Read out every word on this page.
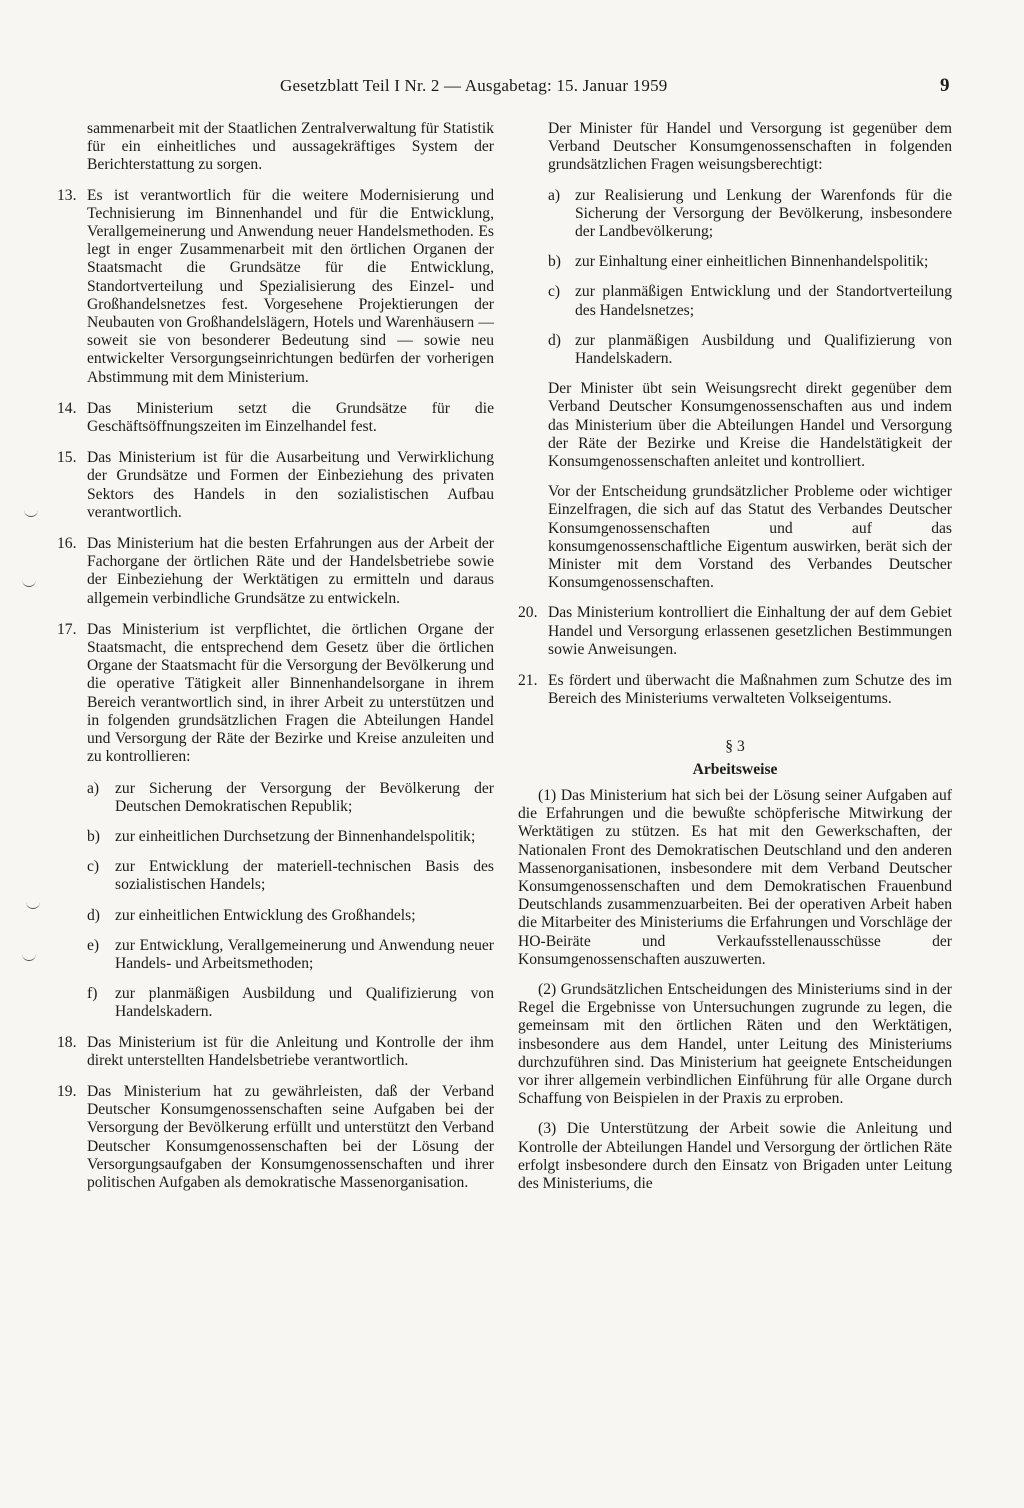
Gesetzblatt Teil I Nr. 2 — Ausgabetag: 15. Januar 1959	9

sammenarbeit mit der Staatlichen Zentralverwaltung für Statistik für ein einheitliches und aussagekräftiges System der Berichterstattung zu sorgen.

13. Es ist verantwortlich für die weitere Modernisierung und Technisierung im Binnenhandel und für die Entwicklung, Verallgemeinerung und Anwendung neuer Handelsmethoden. Es legt in enger Zusammenarbeit mit den örtlichen Organen der Staatsmacht die Grundsätze für die Entwicklung, Standortverteilung und Spezialisierung des Einzel- und Großhandelsnetzes fest. Vorgesehene Projektierungen der Neubauten von Großhandelslägern, Hotels und Warenhäusern — soweit sie von besonderer Bedeutung sind — sowie neu entwickelter Versorgungseinrichtungen bedürfen der vorherigen Abstimmung mit dem Ministerium.
14. Das Ministerium setzt die Grundsätze für die Geschäftsöffnungszeiten im Einzelhandel fest.
15. Das Ministerium ist für die Ausarbeitung und Verwirklichung der Grundsätze und Formen der Einbeziehung des privaten Sektors des Handels in den sozialistischen Aufbau verantwortlich.
16. Das Ministerium hat die besten Erfahrungen aus der Arbeit der Fachorgane der örtlichen Räte und der Handelsbetriebe sowie der Einbeziehung der Werktätigen zu ermitteln und daraus allgemein verbindliche Grundsätze zu entwickeln.
17. Das Ministerium ist verpflichtet, die örtlichen Organe der Staatsmacht, die entsprechend dem Gesetz über die örtlichen Organe der Staatsmacht für die Versorgung der Bevölkerung und die operative Tätigkeit aller Binnenhandelsorgane in ihrem Bereich verantwortlich sind, in ihrer Arbeit zu unterstützen und in folgenden grundsätzlichen Fragen die Abteilungen Handel und Versorgung der Räte der Bezirke und Kreise anzuleiten und zu kontrollieren:
a) zur Sicherung der Versorgung der Bevölkerung der Deutschen Demokratischen Republik;
b) zur einheitlichen Durchsetzung der Binnenhandelspolitik;
c) zur Entwicklung der materiell-technischen Basis des sozialistischen Handels;
d) zur einheitlichen Entwicklung des Großhandels;
e) zur Entwicklung, Verallgemeinerung und Anwendung neuer Handels- und Arbeitsmethoden;
f) zur planmäßigen Ausbildung und Qualifizierung von Handelskadern.
18. Das Ministerium ist für die Anleitung und Kontrolle der ihm direkt unterstellten Handelsbetriebe verantwortlich.
19. Das Ministerium hat zu gewährleisten, daß der Verband Deutscher Konsumgenossenschaften seine Aufgaben bei der Versorgung der Bevölkerung erfüllt und unterstützt den Verband Deutscher Konsumgenossenschaften bei der Lösung der Versorgungsaufgaben der Konsumgenossenschaften und ihrer politischen Aufgaben als demokratische Massenorganisation.

Der Minister für Handel und Versorgung ist gegenüber dem Verband Deutscher Konsumgenossenschaften in folgenden grundsätzlichen Fragen weisungsberechtigt:

a) zur Realisierung und Lenkung der Warenfonds für die Sicherung der Versorgung der Bevölkerung, insbesondere der Landbevölkerung;
b) zur Einhaltung einer einheitlichen Binnenhandelspolitik;
c) zur planmäßigen Entwicklung und der Standortverteilung des Handelsnetzes;
d) zur planmäßigen Ausbildung und Qualifizierung von Handelskadern.

Der Minister übt sein Weisungsrecht direkt gegenüber dem Verband Deutscher Konsumgenossenschaften aus und indem das Ministerium über die Abteilungen Handel und Versorgung der Räte der Bezirke und Kreise die Handelstätigkeit der Konsumgenossenschaften anleitet und kontrolliert.

Vor der Entscheidung grundsätzlicher Probleme oder wichtiger Einzelfragen, die sich auf das Statut des Verbandes Deutscher Konsumgenossenschaften und auf das konsumgenossenschaftliche Eigentum auswirken, berät sich der Minister mit dem Vorstand des Verbandes Deutscher Konsumgenossenschaften.

20. Das Ministerium kontrolliert die Einhaltung der auf dem Gebiet Handel und Versorgung erlassenen gesetzlichen Bestimmungen sowie Anweisungen.
21. Es fördert und überwacht die Maßnahmen zum Schutze des im Bereich des Ministeriums verwalteten Volkseigentums.
§ 3
Arbeitsweise

(1) Das Ministerium hat sich bei der Lösung seiner Aufgaben auf die Erfahrungen und die bewußte schöpferische Mitwirkung der Werktätigen zu stützen. Es hat mit den Gewerkschaften, der Nationalen Front des Demokratischen Deutschland und den anderen Massenorganisationen, insbesondere mit dem Verband Deutscher Konsumgenossenschaften und dem Demokratischen Frauenbund Deutschlands zusammenzuarbeiten. Bei der operativen Arbeit haben die Mitarbeiter des Ministeriums die Erfahrungen und Vorschläge der HO-Beiräte und Verkaufsstellenausschüsse der Konsumgenossenschaften auszuwerten.

(2) Grundsätzlichen Entscheidungen des Ministeriums sind in der Regel die Ergebnisse von Untersuchungen zugrunde zu legen, die gemeinsam mit den örtlichen Räten und den Werktätigen, insbesondere aus dem Handel, unter Leitung des Ministeriums durchzuführen sind. Das Ministerium hat geeignete Entscheidungen vor ihrer allgemein verbindlichen Einführung für alle Organe durch Schaffung von Beispielen in der Praxis zu erproben.

(3) Die Unterstützung der Arbeit sowie die Anleitung und Kontrolle der Abteilungen Handel und Versorgung der örtlichen Räte erfolgt insbesondere durch den Einsatz von Brigaden unter Leitung des Ministeriums, die
